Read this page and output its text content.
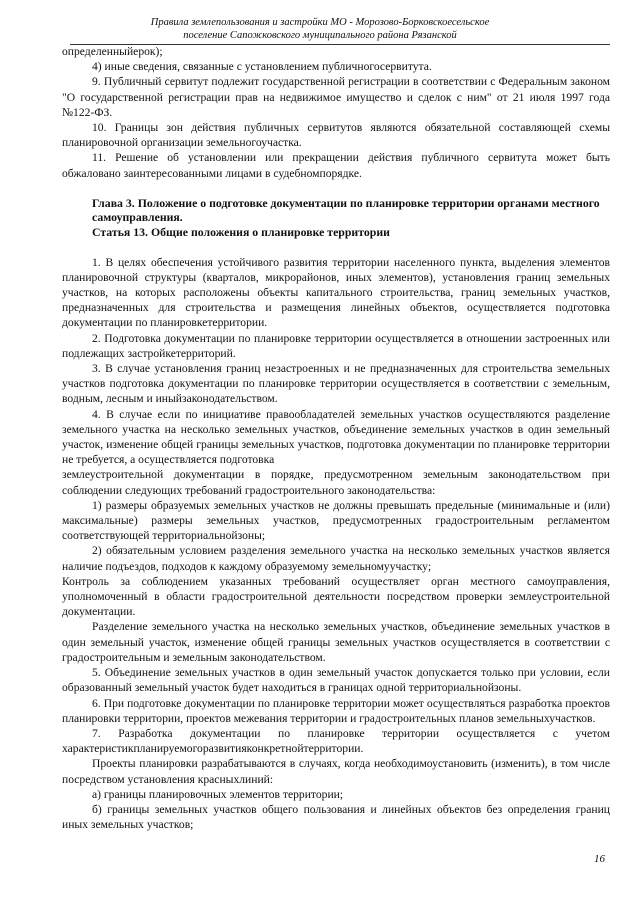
Правила землепользования и застройки МО - Морозово-Борковскоесельское
поселение Сапожковского муниципального района Рязанской

определенныйерок);

4) иные сведения, связанные с установлением публичногосервитута.

9. Публичный сервитут подлежит государственной регистрации в соответствии с Федеральным законом "О государственной регистрации прав на недвижимое имущество и сделок с ним" от 21 июля 1997 года №122-ФЗ.

10. Границы зон действия публичных сервитутов являются обязательной составляющей схемы планировочной организации земельногоучастка.

11. Решение об установлении или прекращении действия публичного сервитута может быть обжаловано заинтересованными лицами в судебномпорядке.

Глава 3. Положение о подготовке документации по планировке территории органами местного самоуправления.

Статья 13. Общие положения о планировке территории

1. В целях обеспечения устойчивого развития территории населенного пункта, выделения элементов планировочной структуры (кварталов, микрорайонов, иных элементов), установления границ земельных участков, на которых расположены объекты капитального строительства, границ земельных участков, предназначенных для строительства и размещения линейных объектов, осуществляется подготовка документации по планировкетерритории.

2. Подготовка документации по планировке территории осуществляется в отношении застроенных или подлежащих застройкетерриторий.

3. В случае установления границ незастроенных и не предназначенных для строительства земельных участков подготовка документации по планировке территории осуществляется в соответствии с земельным, водным, лесным и иныйзаконодательством.

4. В случае если по инициативе правообладателей земельных участков осуществляются разделение земельного участка на несколько земельных участков, объединение земельных участков в один земельный участок, изменение общей границы земельных участков, подготовка документации по планировке территории не требуется, а осуществляется подготовка

землеустроительной документации в порядке, предусмотренном земельным законодательством при соблюдении следующих требований градостроительного законодательства:

1) размеры образуемых земельных участков не должны превышать предельные (минимальные и (или) максимальные) размеры земельных участков, предусмотренных градостроительным регламентом соответствующей территориальнойзоны;

2) обязательным условием разделения земельного участка на несколько земельных участков является наличие подъездов, подходов к каждому образуемому земельномуучастку;

Контроль за соблюдением указанных требований осуществляет орган местного самоуправления, уполномоченный в области градостроительной деятельности посредством проверки землеустроительной документации.

Разделение земельного участка на несколько земельных участков, объединение земельных участков в один земельный участок, изменение общей границы земельных участков осуществляется в соответствии с градостроительным и земельным законодательством.

5. Объединение земельных участков в один земельный участок допускается только при условии, если образованный земельный участок будет находиться в границах одной территориальнойзоны.

6. При подготовке документации по планировке территории может осуществляться разработка проектов планировки территории, проектов межевания территории и градостроительных планов земельныхучастков.

7. Разработка документации по планировке территории осуществляется с учетом характеристикпланируемогоразвитияконкретнойтерритории.

Проекты планировки разрабатываются в случаях, когда необходимоустановить (изменить), в том числе посредством установления красныхлиний:

а) границы планировочных элементов территории;

б) границы земельных участков общего пользования и линейных объектов без определения границ иных земельных участков;

16
